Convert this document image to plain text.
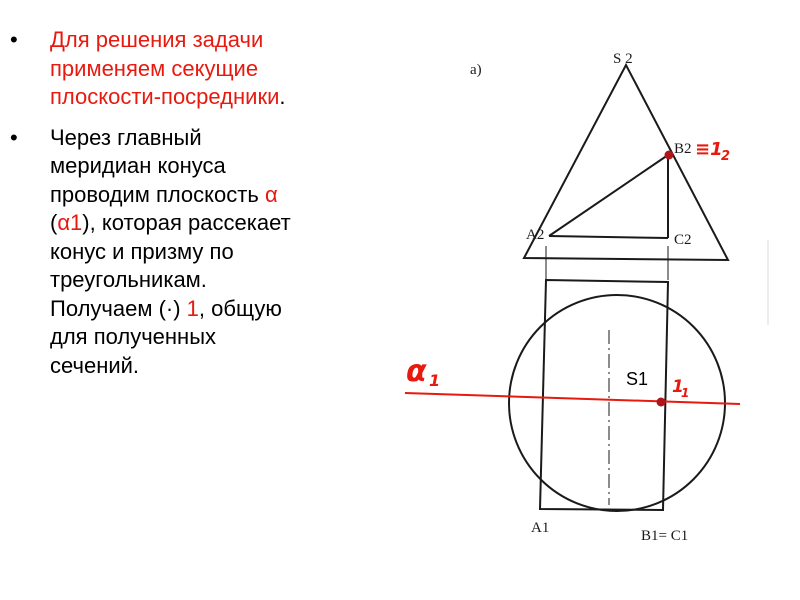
•	Для решения задачи
применяем секущие
плоскости-посредники.
•	Через главный
меридиан конуса
проводим плоскость α
(α1), которая рассекает
конус и призму по
треугольникам.
Получаем (·) 1, общую
для полученных
сечений.
а)
S 2
B2 ≡1
2
A2	C2
S1
α 1	1
1
A1	B1= C1
